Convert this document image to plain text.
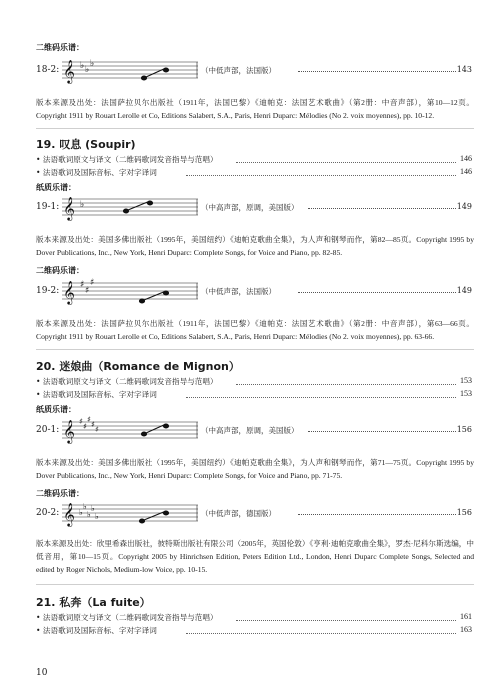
二维码乐谱：
18-2: 𝄞 ♭ ♭
♭
（中低声部，法国版）	143
版本来源及出处：法国萨拉贝尔出版社（1911年，法国巴黎）《迪帕克：法国艺术歌曲》（第2册：中音声部），第10—12页。Copyright 1911 by Rouart Lerolle et Co, Editions Salabert, S.A., Paris, Henri Duparc: Mélodies (No 2. voix moyennes), pp. 10-12.
19. 叹息 (Soupir)
• 法语歌词原文与译文（二维码歌词发音指导与范唱）	146
• 法语歌词及国际音标、字对字译词	146
纸质乐谱：
19-1: 𝄞 ♭	（中高声部，原调，美国版）	149
版本来源及出处：美国多佛出版社（1995年，美国纽约）《迪帕克歌曲全集》，为人声和钢琴而作，第82—85页。Copyright 1995 by Dover Publications, Inc., New York, Henri Duparc: Complete Songs, for Voice and Piano, pp. 82-85.
二维码乐谱：
19-2: 𝄞 ♯
♯
♯
（中低声部，法国版）	149
版本来源及出处：法国萨拉贝尔出版社（1911年，法国巴黎）《迪帕克：法国艺术歌曲》（第2册：中音声部），第63—66页。Copyright 1911 by Rouart Lerolle et Co, Editions Salabert, S.A., Paris, Henri Duparc: Mélodies (No 2. voix moyennes), pp. 63-66.
20. 迷娘曲（Romance de Mignon）
• 法语歌词原文与译文（二维码歌词发音指导与范唱）	153
• 法语歌词及国际音标、字对字译词	153
纸质乐谱：
20-1: 𝄞 ♯
♯
♯
♯
♯	（中高声部，原调，美国版）	156
版本来源及出处：美国多佛出版社（1995年，美国纽约）《迪帕克歌曲全集》，为人声和钢琴而作，第71—75页。Copyright 1995 by Dover Publications, Inc., New York, Henri Duparc: Complete Songs, for Voice and Piano, pp. 71-75.
二维码乐谱：
20-2: 𝄞 ♭
♭
♭
♭
♭	（中低声部，德国版）	156
版本来源及出处：欣里希森出版社，彼特斯出版社有限公司（2005年，英国伦敦）《亨利·迪帕克歌曲全集》，罗杰·尼科尔斯选编，中低音用，第10—15页。Copyright 2005 by Hinrichsen Edition, Peters Edition Ltd., London, Henri Duparc Complete Songs, Selected and edited by Roger Nichols, Medium-low Voice, pp. 10-15.
21. 私奔（La fuite）
• 法语歌词原文与译文（二维码歌词发音指导与范唱）	161
• 法语歌词及国际音标、字对字译词	163
10
